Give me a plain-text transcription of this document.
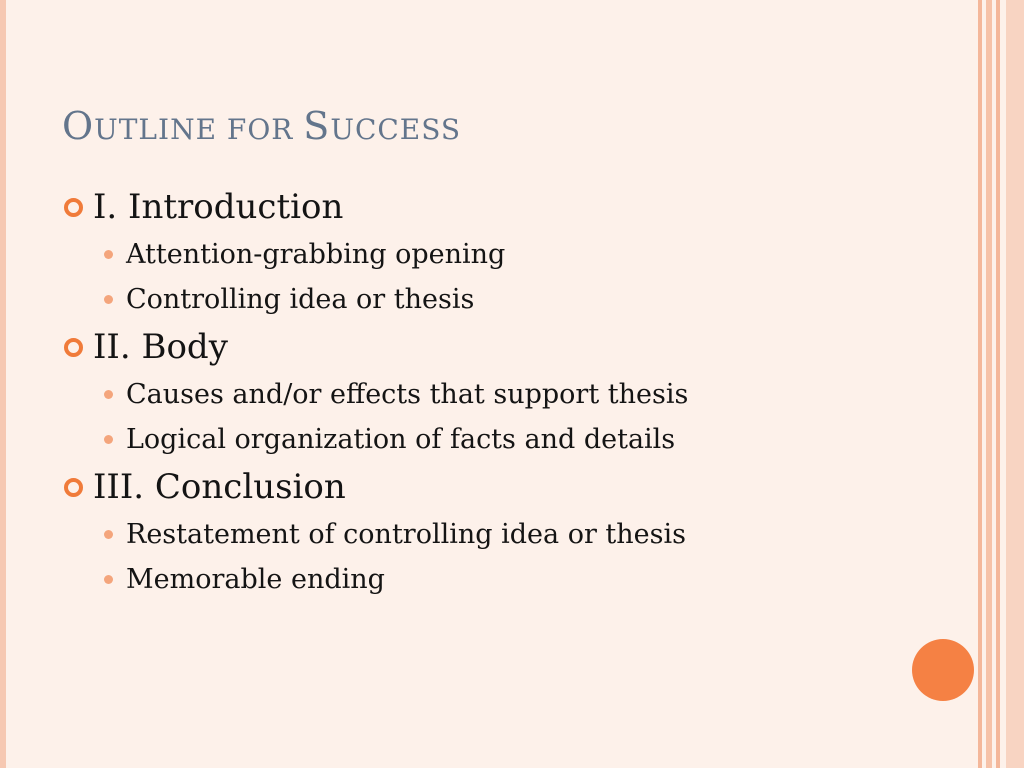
OUTLINE FOR SUCCESS
I. Introduction
Attention-grabbing opening
Controlling idea or thesis
II. Body
Causes and/or effects that support thesis
Logical organization of facts and details
III. Conclusion
Restatement of controlling idea or thesis
Memorable ending
